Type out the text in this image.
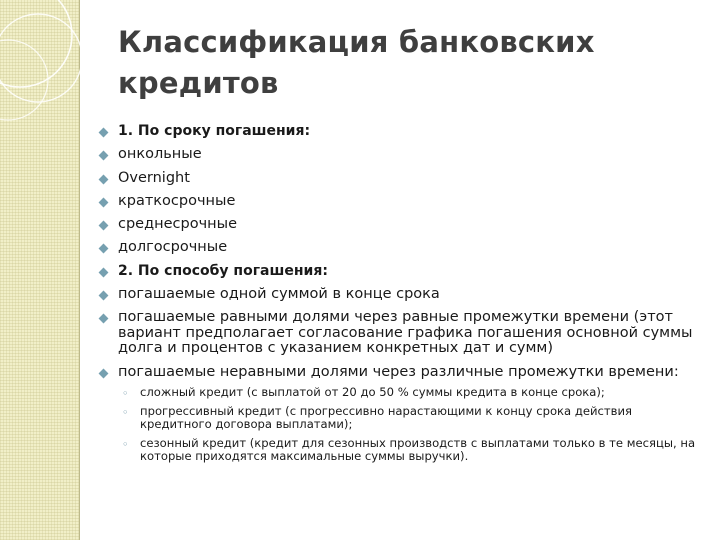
Классификация банковских кредитов
1. По сроку погашения:
онкольные
Overnight
краткосрочные
среднесрочные
долгосрочные
2. По способу погашения:
погашаемые одной суммой в конце срока
погашаемые равными долями через равные промежутки времени (этот вариант предполагает согласование графика погашения основной суммы долга и процентов с указанием конкретных дат и сумм)
погашаемые неравными долями через различные промежутки времени:
◦ сложный кредит (с выплатой от 20 до 50 % суммы кредита в конце срока);
◦ прогрессивный кредит (с прогрессивно нарастающими к концу срока действия кредитного договора выплатами);
◦ сезонный кредит (кредит для сезонных производств с выплатами только в те месяцы, на которые приходятся максимальные суммы выручки).
